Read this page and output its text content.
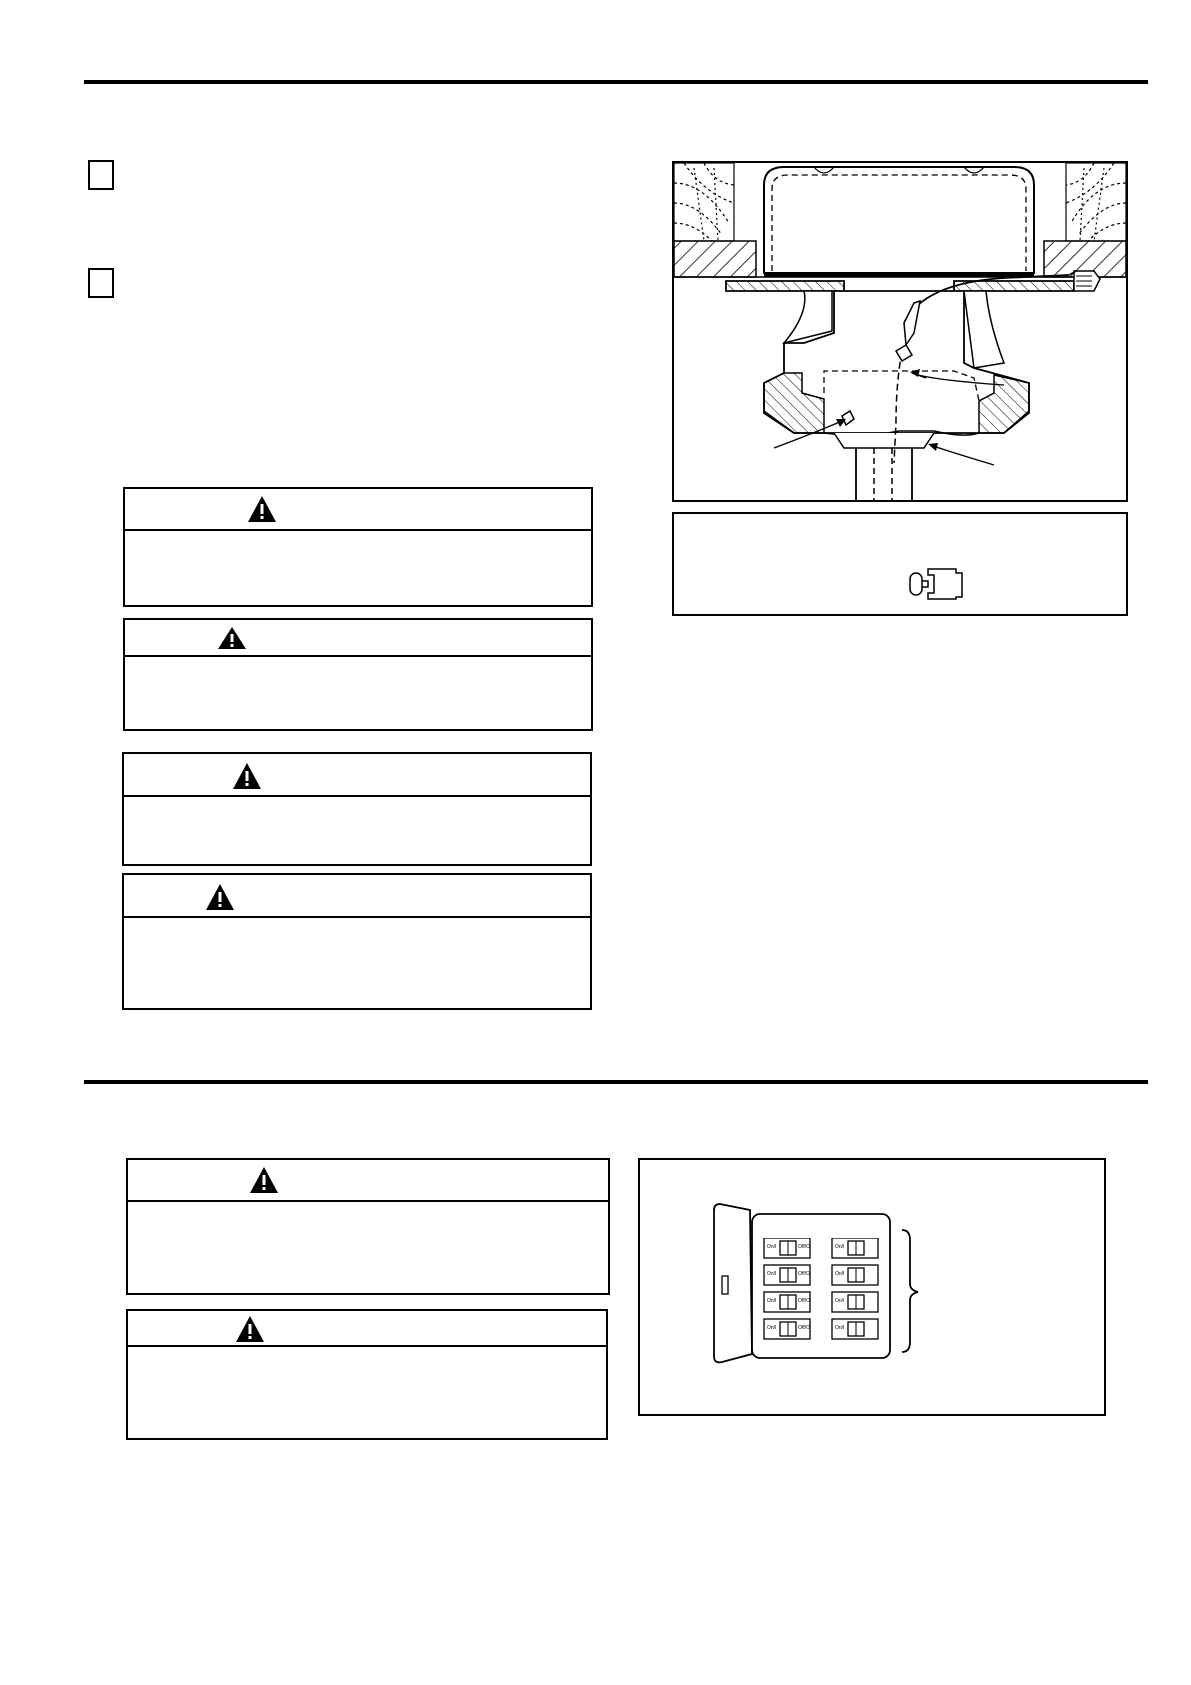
On/I	Off/O	On/I
On/I	Off/O	On/I
On/I	Off/O	On/I
On/I	Off/O	On/I
